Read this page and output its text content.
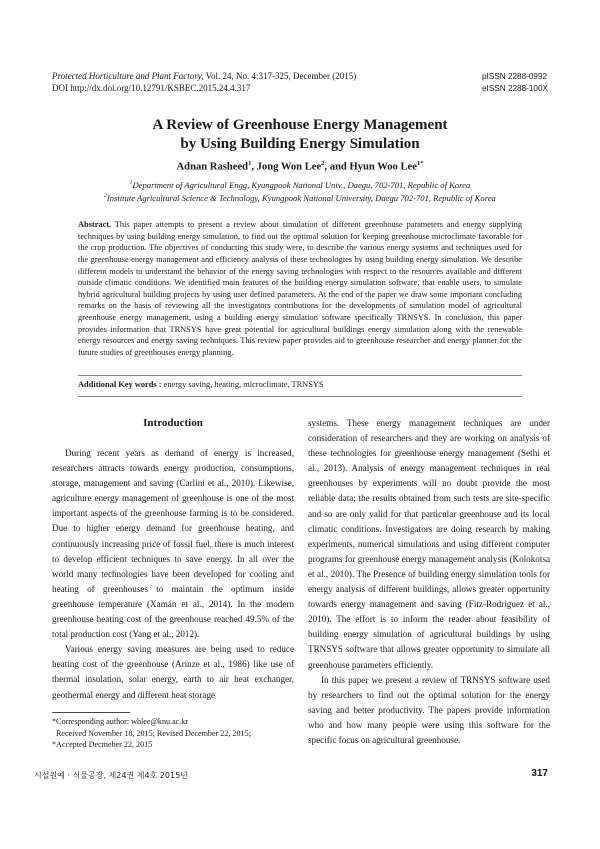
Protected Horticulture and Plant Factory, Vol. 24, No. 4:317-325, December (2015)
DOI http://dx.doi.org/10.12791/KSBEC.2015.24.4.317
pISSN 2288-0992
eISSN 2288-100X
A Review of Greenhouse Energy Management
by Using Building Energy Simulation
Adnan Rasheed$^1$, Jong Won Lee$^2$, and Hyun Woo Lee$^{1*}$
$^1$Department of Agricultural Engg, Kyungpook National Univ., Daegu, 702-701, Republic of Korea
$^2$Institute Agricultural Science & Technology, Kyungpook National University, Daegu 702-701, Republic of Korea
Abstract. This paper attempts to present a review about simulation of different greenhouse parameters and energy supplying techniques by using building energy simulation, to find out the optimal solution for keeping greenhouse microclimate favorable for the crop production. The objectives of conducting this study were, to describe the various energy systems and techniques used for the greenhouse energy management and efficiency analysis of these technologies by using building energy simulation. We describe different models to understand the behavior of the energy saving technologies with respect to the resources available and different outside climatic conditions. We identified main features of the building energy simulation software, that enable users, to simulate hybrid agricultural building projects by using user defined parameters. At the end of the paper we draw some important concluding remarks on the basis of reviewing all the investigators contributions for the developments of simulation model of agricultural greenhouse energy management, using a building energy simulation software specifically TRNSYS. In conclusion, this paper provides information that TRNSYS have great potential for agricultural buildings energy simulation along with the renewable energy resources and energy saving techniques. This review paper provides aid to greenhouse researcher and energy planner for the future studies of greenhouses energy planning.
Additional Key words : energy saving, heating, microclimate, TRNSYS
Introduction

During recent years as demand of energy is increased, researchers attracts towards energy production, consumptions, storage, management and saving (Carlini et al., 2010). Likewise, agriculture energy management of greenhouse is one of the most important aspects of the greenhouse farming is to be considered. Due to higher energy demand for greenhouse heating, and continuously increasing price of fossil fuel, there is much interest to develop efficient techniques to save energy. In all over the world many technologies have been developed for cooling and heating of greenhouses to maintain the optimum inside greenhouse temperature (Xamán et al., 2014). In the modern greenhouse heating cost of the greenhouse reached 49.5% of the total production cost (Yang et al., 2012).

Various energy saving measures are being used to reduce heating cost of the greenhouse (Arinze et al., 1986) like use of thermal insulation, solar energy, earth to air heat exchanger, geothermal energy and different heat storage

systems. These energy management techniques are under consideration of researchers and they are working on analysis of these technologies for greenhouse energy management (Sethi et al., 2013). Analysis of energy management techniques in real greenhouses by experiments will no doubt provide the most reliable data; the results obtained from such tests are site-specific and so are only valid for that particular greenhouse and its local climatic conditions. Investigators are doing research by making experiments, numerical simulations and using different computer programs for greenhouse energy management analysis (Kolokotsa et al., 2010). The Presence of building energy simulation tools for energy analysis of different buildings, allows greater opportunity towards energy management and saving (Fitz-Rodriguez et al., 2010). The effort is to inform the reader about feasibility of building energy simulation of agricultural buildings by using TRNSYS software that allows greater opportunity to simulate all greenhouse parameters efficiently.

In this paper we present a review of TRNSYS software used by researchers to find out the optimal solution for the energy saving and better productivity. The papers provide information who and how many people were using this software for the specific focus on agricultural greenhouse.

*Corresponding author: whlee@knu.ac.kr
Received November 18, 2015; Revised December 22, 2015;
*Accepted Decmeber 22, 2015
시설원예 · 식물공장, 제24권 제4호 2015년	317
